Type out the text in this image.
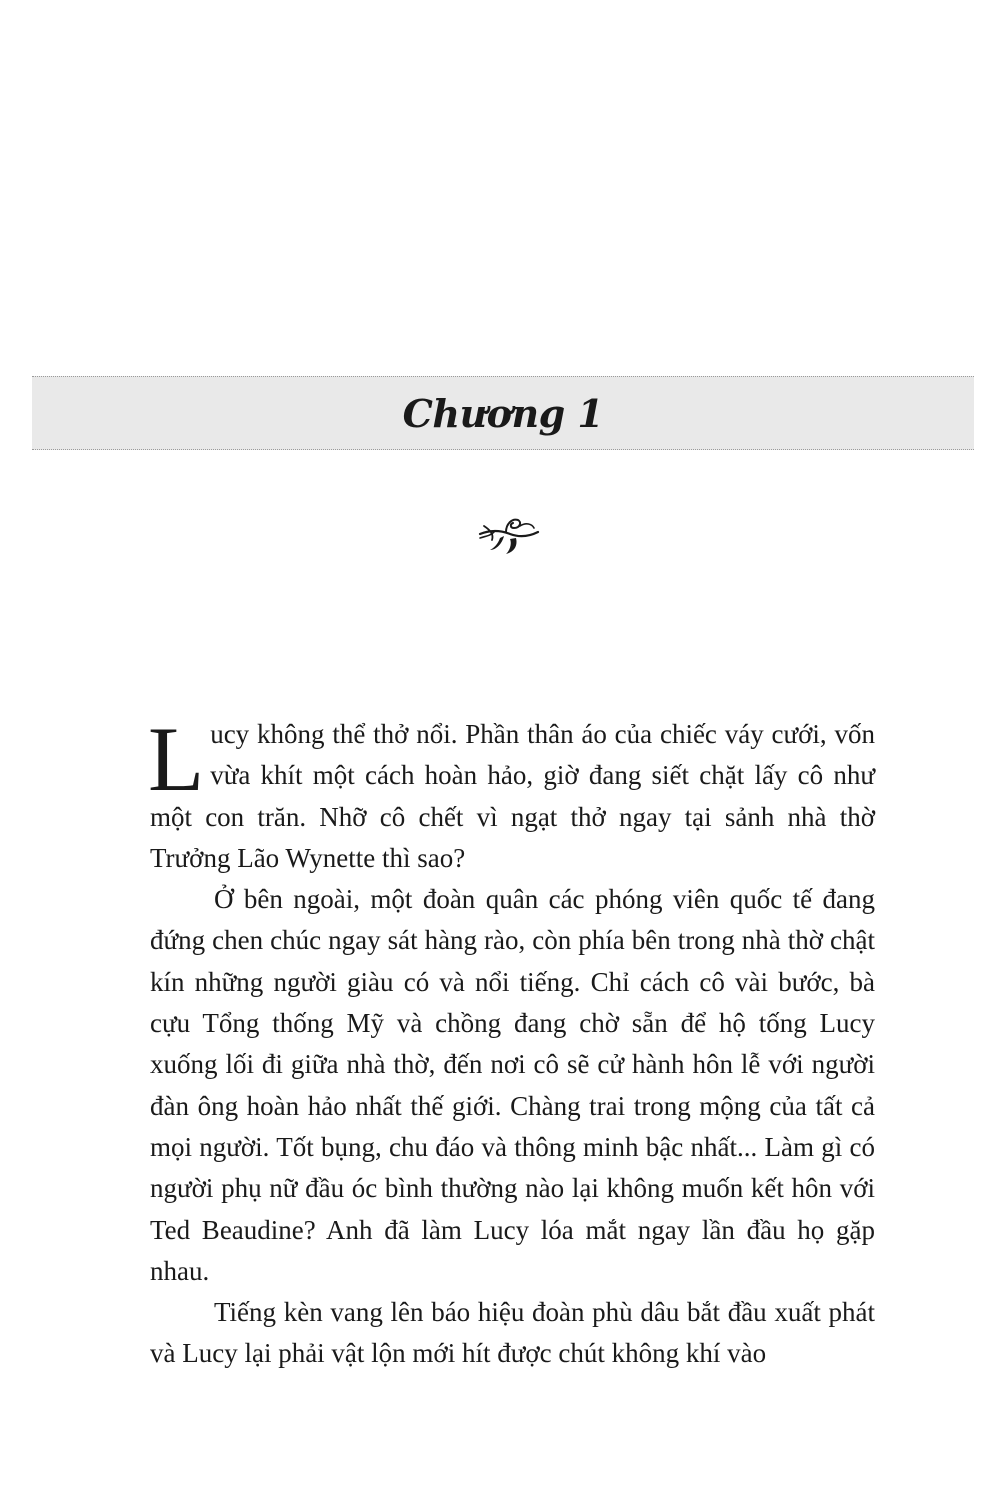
Chương 1

Lucy không thể thở nổi. Phần thân áo của chiếc váy cưới, vốn vừa khít một cách hoàn hảo, giờ đang siết chặt lấy cô như một con trăn. Nhỡ cô chết vì ngạt thở ngay tại sảnh nhà thờ Trưởng Lão Wynette thì sao?

Ở bên ngoài, một đoàn quân các phóng viên quốc tế đang đứng chen chúc ngay sát hàng rào, còn phía bên trong nhà thờ chật kín những người giàu có và nổi tiếng. Chỉ cách cô vài bước, bà cựu Tổng thống Mỹ và chồng đang chờ sẵn để hộ tống Lucy xuống lối đi giữa nhà thờ, đến nơi cô sẽ cử hành hôn lễ với người đàn ông hoàn hảo nhất thế giới. Chàng trai trong mộng của tất cả mọi người. Tốt bụng, chu đáo và thông minh bậc nhất... Làm gì có người phụ nữ đầu óc bình thường nào lại không muốn kết hôn với Ted Beaudine? Anh đã làm Lucy lóa mắt ngay lần đầu họ gặp nhau.

Tiếng kèn vang lên báo hiệu đoàn phù dâu bắt đầu xuất phát và Lucy lại phải vật lộn mới hít được chút không khí vào
